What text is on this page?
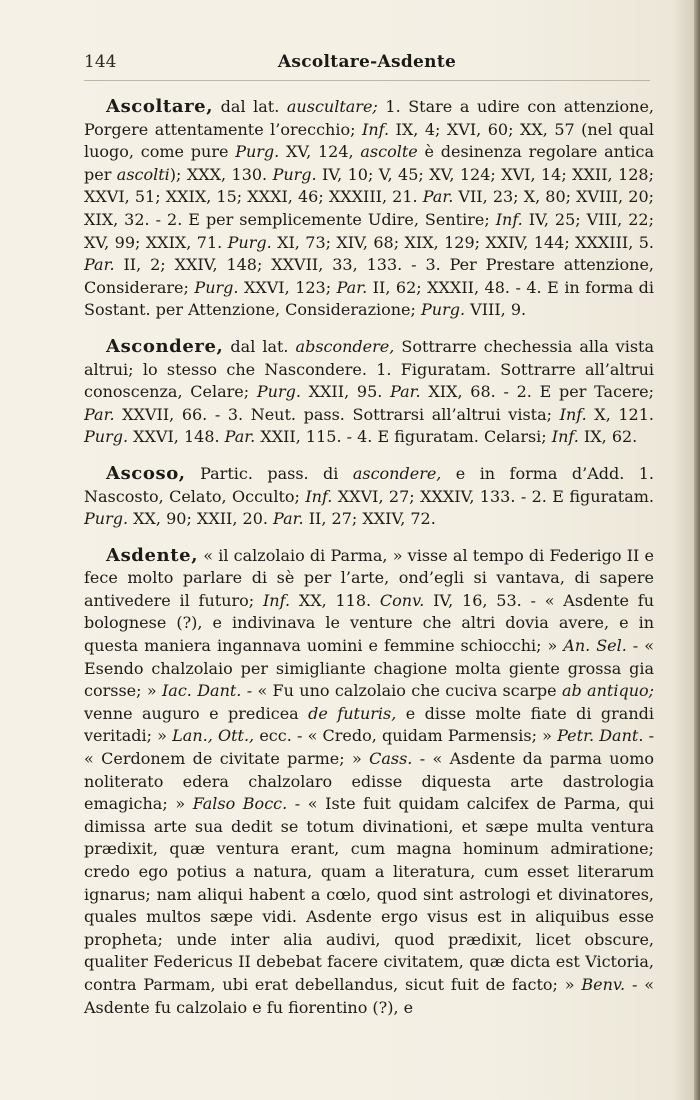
144	Ascoltare-Asdente

Ascoltare, dal lat. auscultare; 1. Stare a udire con attenzione, Porgere attentamente l’orecchio; Inf. IX, 4; XVI, 60; XX, 57 (nel qual luogo, come pure Purg. XV, 124, ascolte è desinenza regolare antica per ascolti); XXX, 130. Purg. IV, 10; V, 45; XV, 124; XVI, 14; XXII, 128; XXVI, 51; XXIX, 15; XXXI, 46; XXXIII, 21. Par. VII, 23; X, 80; XVIII, 20; XIX, 32. - 2. E per semplicemente Udire, Sentire; Inf. IV, 25; VIII, 22; XV, 99; XXIX, 71. Purg. XI, 73; XIV, 68; XIX, 129; XXIV, 144; XXXIII, 5. Par. II, 2; XXIV, 148; XXVII, 33, 133. - 3. Per Prestare attenzione, Considerare; Purg. XXVI, 123; Par. II, 62; XXXII, 48. - 4. E in forma di Sostant. per Attenzione, Considerazione; Purg. VIII, 9.

Ascondere, dal lat. abscondere, Sottrarre chechessia alla vista altrui; lo stesso che Nascondere. 1. Figuratam. Sottrarre all’altrui conoscenza, Celare; Purg. XXII, 95. Par. XIX, 68. - 2. E per Tacere; Par. XXVII, 66. - 3. Neut. pass. Sottrarsi all’altrui vista; Inf. X, 121. Purg. XXVI, 148. Par. XXII, 115. - 4. E figuratam. Celarsi; Inf. IX, 62.

Ascoso, Partic. pass. di ascondere, e in forma d’Add. 1. Nascosto, Celato, Occulto; Inf. XXVI, 27; XXXIV, 133. - 2. E figuratam. Purg. XX, 90; XXII, 20. Par. II, 27; XXIV, 72.

Asdente, « il calzolaio di Parma, » visse al tempo di Federigo II e fece molto parlare di sè per l’arte, ond’egli si vantava, di sapere antivedere il futuro; Inf. XX, 118. Conv. IV, 16, 53. - « Asdente fu bolognese (?), e indivinava le venture che altri dovia avere, e in questa maniera ingannava uomini e femmine schiocchi; » An. Sel. - « Esendo chalzolaio per simigliante chagione molta giente grossa gia corsse; » Iac. Dant. - « Fu uno calzolaio che cuciva scarpe ab antiquo; venne auguro e predicea de futuris, e disse molte fiate di grandi veritadi; » Lan., Ott., ecc. - « Credo, quidam Parmensis; » Petr. Dant. - « Cerdonem de civitate parme; » Cass. - « Asdente da parma uomo noliterato edera chalzolaro edisse diquesta arte dastrologia emagicha; » Falso Bocc. - « Iste fuit quidam calcifex de Parma, qui dimissa arte sua dedit se totum divinationi, et sæpe multa ventura prædixit, quæ ventura erant, cum magna hominum admiratione; credo ego potius a natura, quam a literatura, cum esset literarum ignarus; nam aliqui habent a cœlo, quod sint astrologi et divinatores, quales multos sæpe vidi. Asdente ergo visus est in aliquibus esse propheta; unde inter alia audivi, quod prædixit, licet obscure, qualiter Federicus II debebat facere civitatem, quæ dicta est Victoria, contra Parmam, ubi erat debellandus, sicut fuit de facto; » Benv. - « Asdente fu calzolaio e fu fiorentino (?), e
